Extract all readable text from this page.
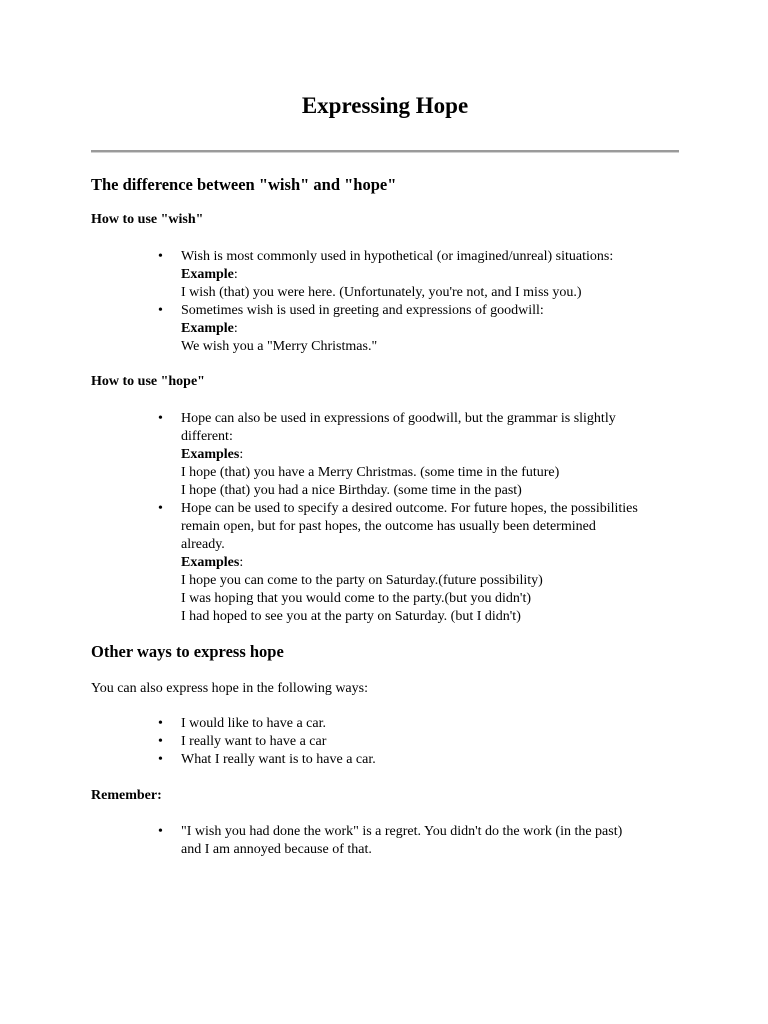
Expressing Hope
The difference between "wish" and "hope"
How to use "wish"
• Wish is most commonly used in hypothetical (or imagined/unreal) situations:
Example:
I wish (that) you were here. (Unfortunately, you're not, and I miss you.)
• Sometimes wish is used in greeting and expressions of goodwill:
Example:
We wish you a "Merry Christmas."
How to use "hope"
• Hope can also be used in expressions of goodwill, but the grammar is slightly
different:
Examples:
I hope (that) you have a Merry Christmas. (some time in the future)
I hope (that) you had a nice Birthday. (some time in the past)
• Hope can be used to specify a desired outcome. For future hopes, the possibilities
remain open, but for past hopes, the outcome has usually been determined
already.
Examples:
I hope you can come to the party on Saturday.(future possibility)
I was hoping that you would come to the party.(but you didn't)
I had hoped to see you at the party on Saturday. (but I didn't)
Other ways to express hope

You can also express hope in the following ways:

• I would like to have a car.
• I really want to have a car
• What I really want is to have a car.
Remember:
• "I wish you had done the work" is a regret. You didn't do the work (in the past)
and I am annoyed because of that.
